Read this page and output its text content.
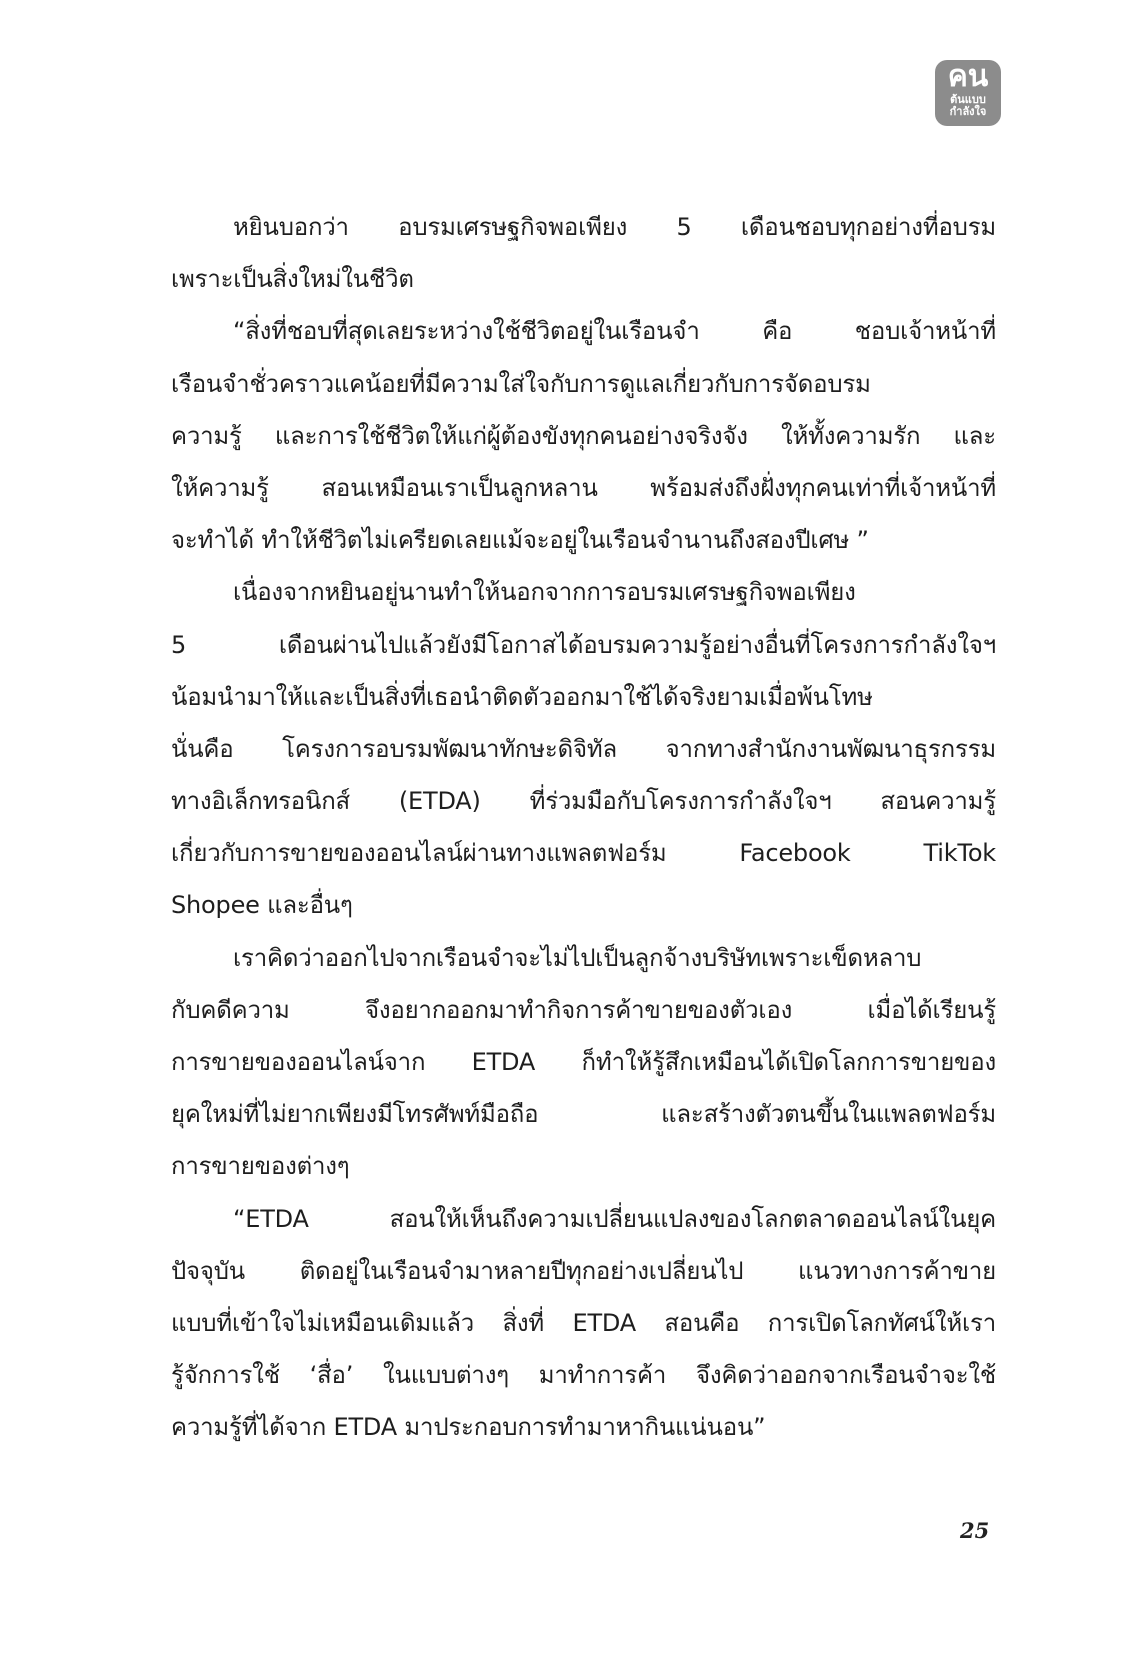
คน
ต้นแบบ
กำลังใจ
หยินบอกว่า อบรมเศรษฐกิจพอเพียง 5 เดือนชอบทุกอย่างที่อบรม
เพราะเป็นสิ่งใหม่ในชีวิต
“สิ่งที่ชอบที่สุดเลยระหว่างใช้ชีวิตอยู่ในเรือนจำ คือ ชอบเจ้าหน้าที่
เรือนจำชั่วคราวแคน้อยที่มีความใส่ใจกับการดูแลเกี่ยวกับการจัดอบรม
ความรู้ และการใช้ชีวิตให้แก่ผู้ต้องขังทุกคนอย่างจริงจัง ให้ทั้งความรัก และ
ให้ความรู้ สอนเหมือนเราเป็นลูกหลาน พร้อมส่งถึงฝั่งทุกคนเท่าที่เจ้าหน้าที่
จะทำได้ ทำให้ชีวิตไม่เครียดเลยแม้จะอยู่ในเรือนจำนานถึงสองปีเศษ ”
เนื่องจากหยินอยู่นานทำให้นอกจากการอบรมเศรษฐกิจพอเพียง
5 เดือนผ่านไปแล้วยังมีโอกาสได้อบรมความรู้อย่างอื่นที่โครงการกำลังใจฯ
น้อมนำมาให้และเป็นสิ่งที่เธอนำติดตัวออกมาใช้ได้จริงยามเมื่อพ้นโทษ
นั่นคือ โครงการอบรมพัฒนาทักษะดิจิทัล จากทางสำนักงานพัฒนาธุรกรรม
ทางอิเล็กทรอนิกส์ (ETDA) ที่ร่วมมือกับโครงการกำลังใจฯ สอนความรู้
เกี่ยวกับการขายของออนไลน์ผ่านทางแพลตฟอร์ม Facebook TikTok
Shopee และอื่นๆ
เราคิดว่าออกไปจากเรือนจำจะไม่ไปเป็นลูกจ้างบริษัทเพราะเข็ดหลาบ
กับคดีความ จึงอยากออกมาทำกิจการค้าขายของตัวเอง เมื่อได้เรียนรู้
การขายของออนไลน์จาก ETDA ก็ทำให้รู้สึกเหมือนได้เปิดโลกการขายของ
ยุคใหม่ที่ไม่ยากเพียงมีโทรศัพท์มือถือ และสร้างตัวตนขึ้นในแพลตฟอร์ม
การขายของต่างๆ
“ETDA สอนให้เห็นถึงความเปลี่ยนแปลงของโลกตลาดออนไลน์ในยุค
ปัจจุบัน ติดอยู่ในเรือนจำมาหลายปีทุกอย่างเปลี่ยนไป แนวทางการค้าขาย
แบบที่เข้าใจไม่เหมือนเดิมแล้ว สิ่งที่ ETDA สอนคือ การเปิดโลกทัศน์ให้เรา
รู้จักการใช้ ‘สื่อ’ ในแบบต่างๆ มาทำการค้า จึงคิดว่าออกจากเรือนจำจะใช้
ความรู้ที่ได้จาก ETDA มาประกอบการทำมาหากินแน่นอน”
25
